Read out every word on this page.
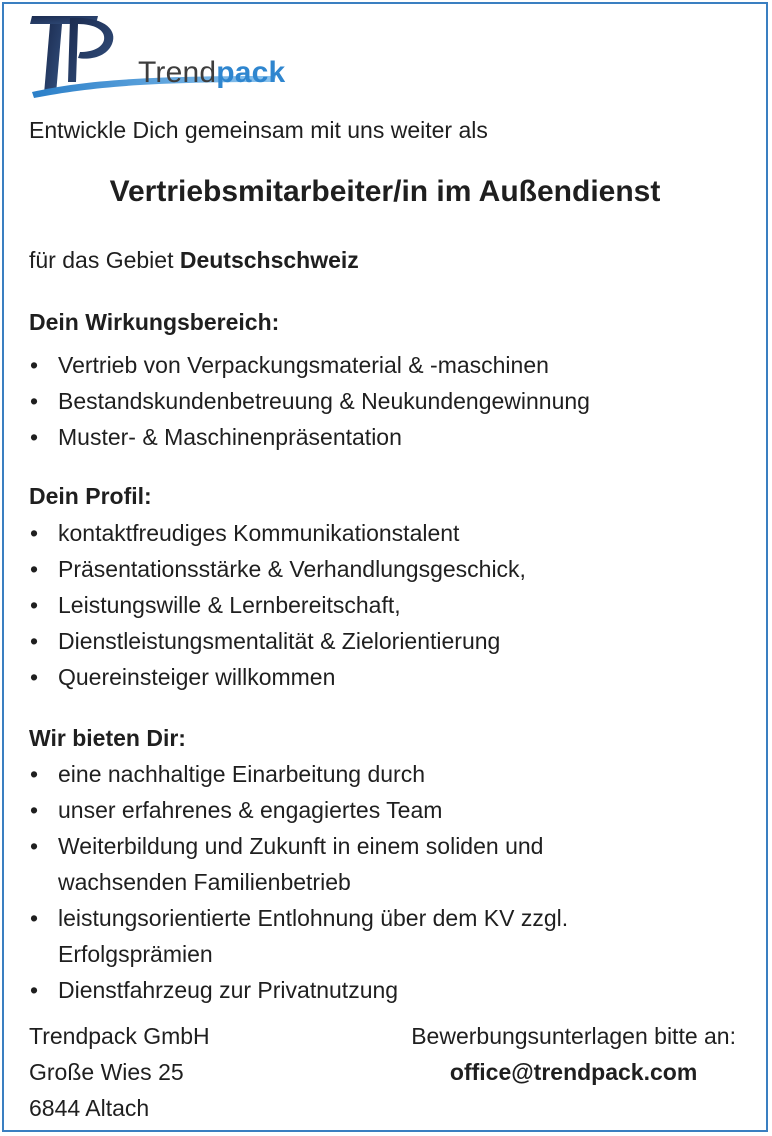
Trendpack
Entwickle Dich gemeinsam mit uns weiter als
Vertriebsmitarbeiter/in im Außendienst
für das Gebiet Deutschschweiz
Dein Wirkungsbereich:
• Vertrieb von Verpackungsmaterial & -maschinen
• Bestandskundenbetreuung & Neukundengewinnung
• Muster- & Maschinenpräsentation
Dein Profil:
• kontaktfreudiges Kommunikationstalent
• Präsentationsstärke & Verhandlungsgeschick,
• Leistungswille & Lernbereitschaft,
• Dienstleistungsmentalität & Zielorientierung
• Quereinsteiger willkommen
Wir bieten Dir:
• eine nachhaltige Einarbeitung durch
• unser erfahrenes & engagiertes Team
• Weiterbildung und Zukunft in einem soliden und
wachsenden Familienbetrieb
• leistungsorientierte Entlohnung über dem KV zzgl.
Erfolgsprämien
• Dienstfahrzeug zur Privatnutzung
Trendpack GmbH
Große Wies 25
6844 Altach
Bewerbungsunterlagen bitte an:
office@trendpack.com
